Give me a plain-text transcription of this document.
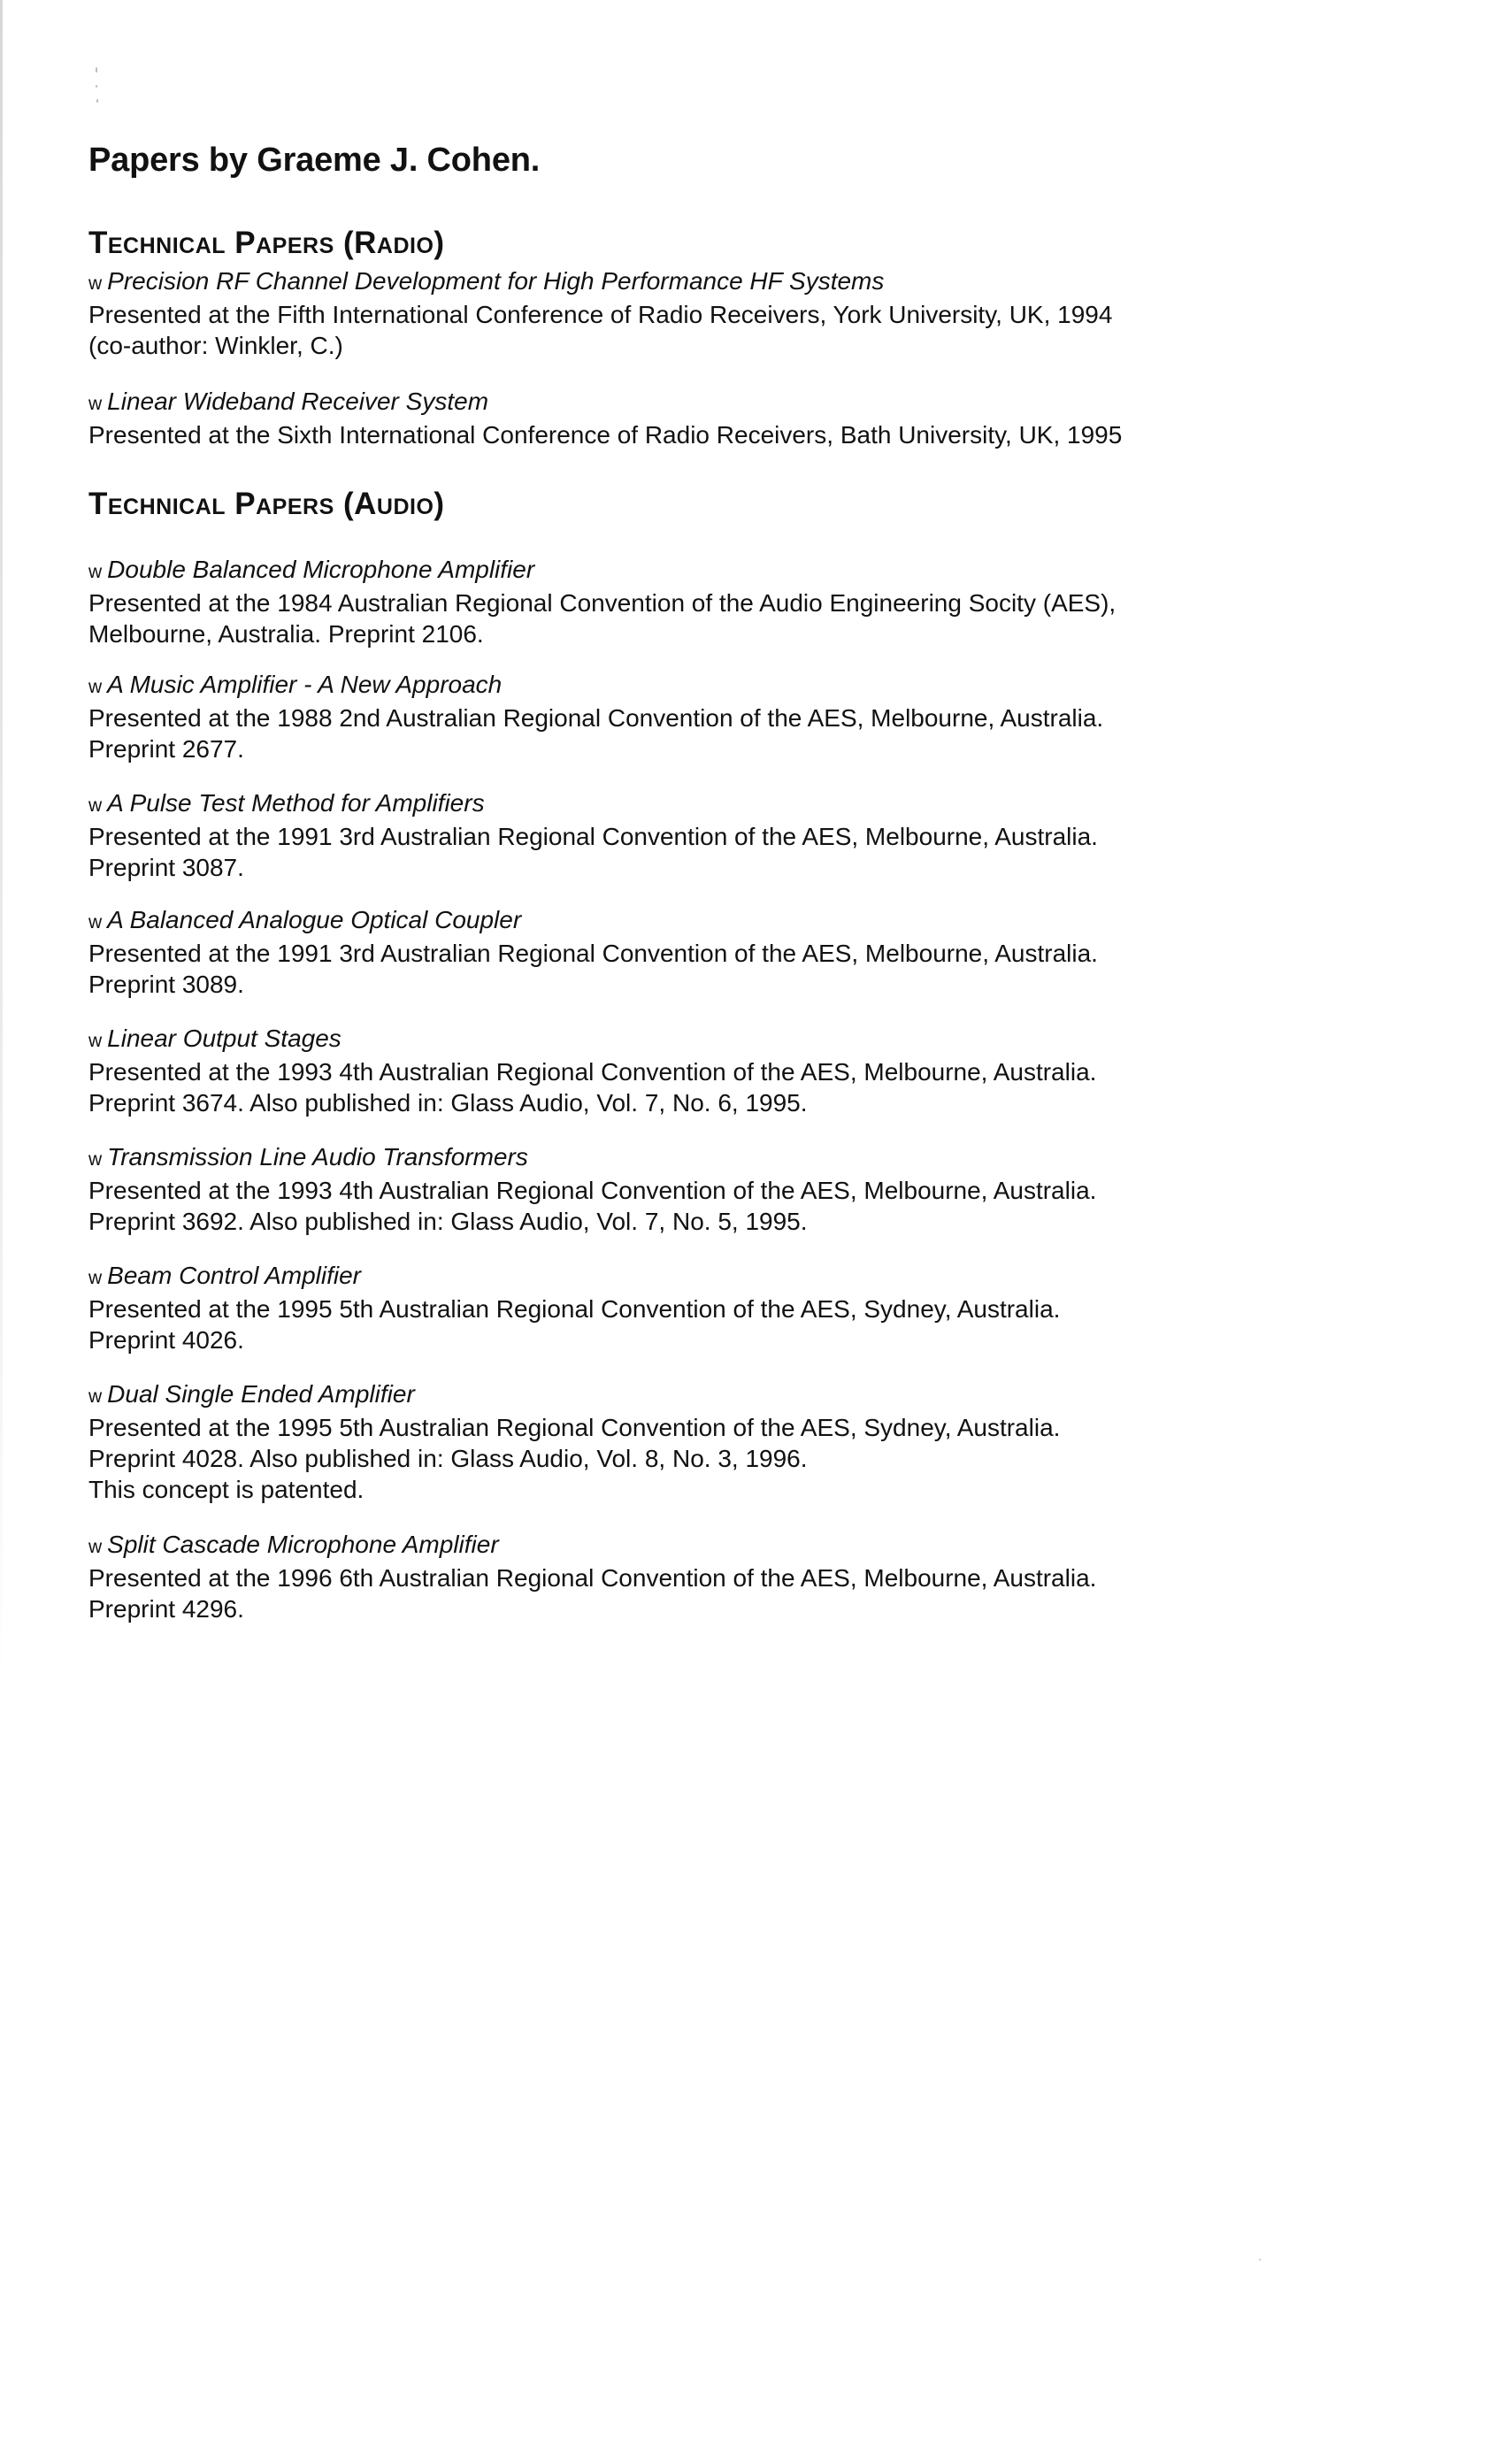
Papers by Graeme J. Cohen.
Technical Papers (Radio)
w Precision RF Channel Development for High Performance HF Systems
Presented at the Fifth International Conference of Radio Receivers, York University, UK, 1994
(co-author: Winkler, C.)
w Linear Wideband Receiver System
Presented at the Sixth International Conference of Radio Receivers, Bath University, UK, 1995
Technical Papers (Audio)
w Double Balanced Microphone Amplifier
Presented at the 1984 Australian Regional Convention of the Audio Engineering Socity (AES),
Melbourne, Australia. Preprint 2106.
w A Music Amplifier - A New Approach
Presented at the 1988 2nd Australian Regional Convention of the AES, Melbourne, Australia.
Preprint 2677.
w A Pulse Test Method for Amplifiers
Presented at the 1991 3rd Australian Regional Convention of the AES, Melbourne, Australia.
Preprint 3087.
w A Balanced Analogue Optical Coupler
Presented at the 1991 3rd Australian Regional Convention of the AES, Melbourne, Australia.
Preprint 3089.
w Linear Output Stages
Presented at the 1993 4th Australian Regional Convention of the AES, Melbourne, Australia.
Preprint 3674. Also published in: Glass Audio, Vol. 7, No. 6, 1995.
w Transmission Line Audio Transformers
Presented at the 1993 4th Australian Regional Convention of the AES, Melbourne, Australia.
Preprint 3692. Also published in: Glass Audio, Vol. 7, No. 5, 1995.
w Beam Control Amplifier
Presented at the 1995 5th Australian Regional Convention of the AES, Sydney, Australia.
Preprint 4026.
w Dual Single Ended Amplifier
Presented at the 1995 5th Australian Regional Convention of the AES, Sydney, Australia.
Preprint 4028. Also published in: Glass Audio, Vol. 8, No. 3, 1996.
This concept is patented.
w Split Cascade Microphone Amplifier
Presented at the 1996 6th Australian Regional Convention of the AES, Melbourne, Australia.
Preprint 4296.
